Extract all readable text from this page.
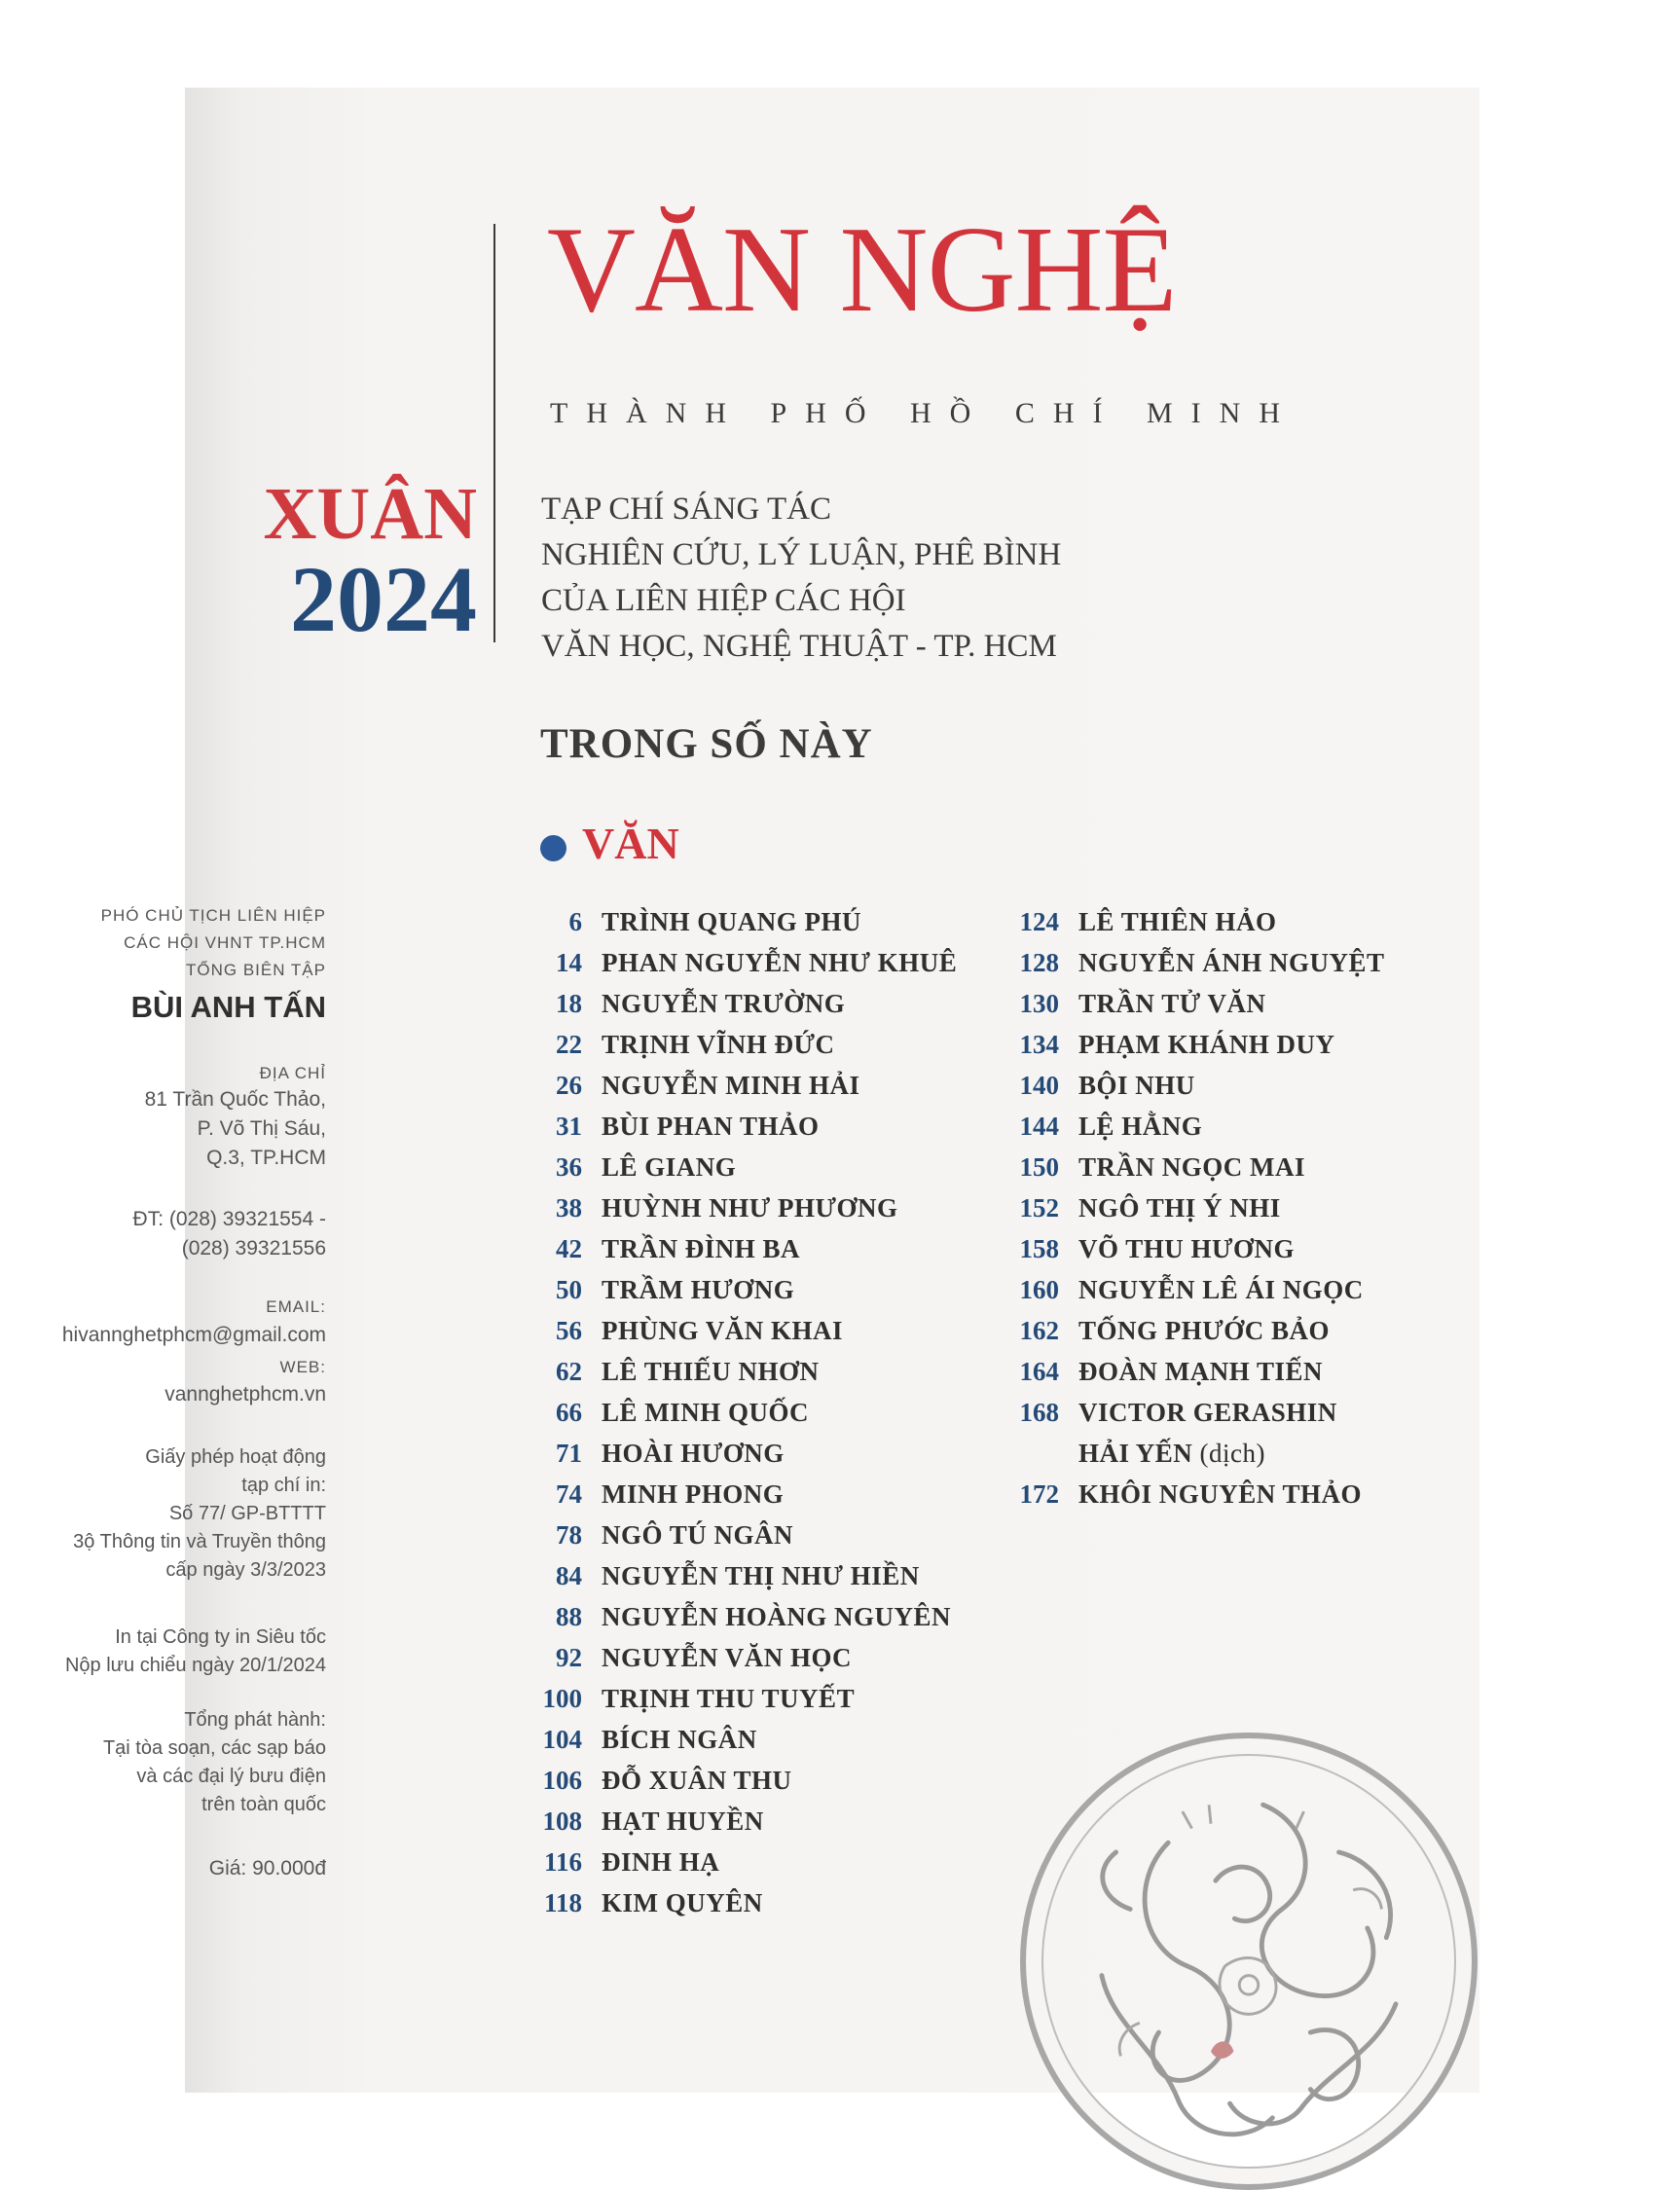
VĂN NGHỆ
THÀNH PHỐ HỒ CHÍ MINH
XUÂN
2024
TẠP CHÍ SÁNG TÁC
NGHIÊN CỨU, LÝ LUẬN, PHÊ BÌNH
CỦA LIÊN HIỆP CÁC HỘI
VĂN HỌC, NGHỆ THUẬT - TP. HCM
TRONG SỐ NÀY
VĂN
6 TRÌNH QUANG PHÚ
14 PHAN NGUYỄN NHƯ KHUÊ
18 NGUYỄN TRƯỜNG
22 TRỊNH VĨNH ĐỨC
26 NGUYỄN MINH HẢI
31 BÙI PHAN THẢO
36 LÊ GIANG
38 HUỲNH NHƯ PHƯƠNG
42 TRẦN ĐÌNH BA
50 TRẦM HƯƠNG
56 PHÙNG VĂN KHAI
62 LÊ THIẾU NHƠN
66 LÊ MINH QUỐC
71 HOÀI HƯƠNG
74 MINH PHONG
78 NGÔ TÚ NGÂN
84 NGUYỄN THỊ NHƯ HIỀN
88 NGUYỄN HOÀNG NGUYÊN
92 NGUYỄN VĂN HỌC
100 TRỊNH THU TUYẾT
104 BÍCH NGÂN
106 ĐỖ XUÂN THU
108 HẠT HUYỀN
116 ĐINH HẠ
118 KIM QUYÊN
124 LÊ THIÊN HẢO
128 NGUYỄN ÁNH NGUYỆT
130 TRẦN TỬ VĂN
134 PHẠM KHÁNH DUY
140 BỘI NHU
144 LỆ HẰNG
150 TRẦN NGỌC MAI
152 NGÔ THỊ Ý NHI
158 VÕ THU HƯƠNG
160 NGUYỄN LÊ ÁI NGỌC
162 TỐNG PHƯỚC BẢO
164 ĐOÀN MẠNH TIẾN
168 VICTOR GERASHIN
HẢI YẾN (dịch)
172 KHÔI NGUYÊN THẢO
PHÓ CHỦ TỊCH LIÊN HIỆP
CÁC HỘI VHNT TP.HCM
TỔNG BIÊN TẬP
BÙI ANH TẤN
ĐỊA CHỈ
81 Trần Quốc Thảo,
P. Võ Thị Sáu,
Q.3, TP.HCM
ĐT: (028) 39321554 -
(028) 39321556
EMAIL:
hivannghetphcm@gmail.com
WEB:
vannghetphcm.vn
Giấy phép hoạt động
tạp chí in:
Số 77/ GP-BTTTT
3ộ Thông tin và Truyền thông
cấp ngày 3/3/2023
In tại Công ty in Siêu tốc
Nộp lưu chiểu ngày 20/1/2024
Tổng phát hành:
Tại tòa soạn, các sạp báo
và các đại lý bưu điện
trên toàn quốc
Giá: 90.000đ
